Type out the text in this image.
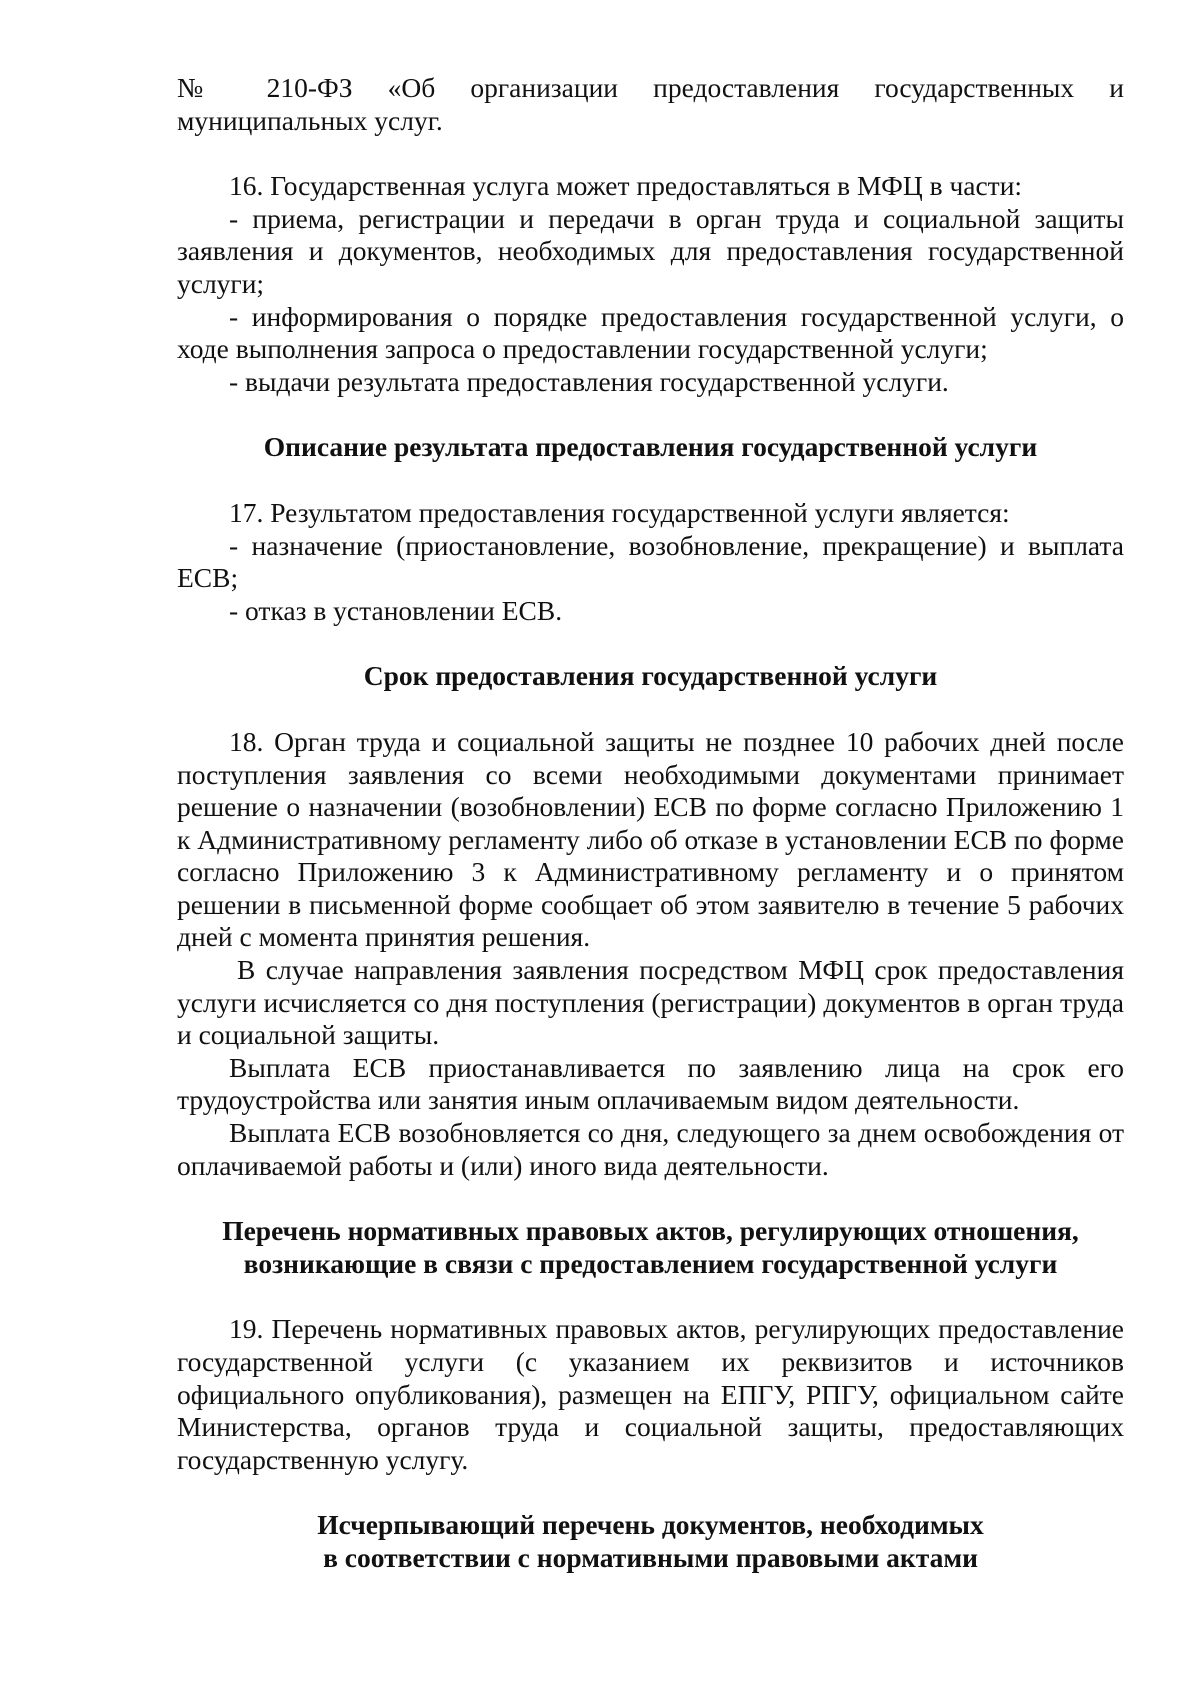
№ 210-ФЗ «Об организации предоставления государственных и

муниципальных услуг.

16. Государственная услуга может предоставляться в МФЦ в части:

- приема, регистрации и передачи в орган труда и социальной защиты заявления и документов, необходимых для предоставления государственной услуги;

- информирования о порядке предоставления государственной услуги, о ходе выполнения запроса о предоставлении государственной услуги;

- выдачи результата предоставления государственной услуги.

Описание результата предоставления государственной услуги

17. Результатом предоставления государственной услуги является:

- назначение (приостановление, возобновление, прекращение) и выплата ЕСВ;

- отказ в установлении ЕСВ.

Срок предоставления государственной услуги

18. Орган труда и социальной защиты не позднее 10 рабочих дней после поступления заявления со всеми необходимыми документами принимает решение о назначении (возобновлении) ЕСВ по форме согласно Приложению 1 к Административному регламенту либо об отказе в установлении ЕСВ по форме согласно Приложению 3 к Административному регламенту и о принятом решении в письменной форме сообщает об этом заявителю в течение 5 рабочих дней с момента принятия решения.

В случае направления заявления посредством МФЦ срок предоставления услуги исчисляется со дня поступления (регистрации) документов в орган труда и социальной защиты.

Выплата ЕСВ приостанавливается по заявлению лица на срок его трудоустройства или занятия иным оплачиваемым видом деятельности.

Выплата ЕСВ возобновляется со дня, следующего за днем освобождения от оплачиваемой работы и (или) иного вида деятельности.

Перечень нормативных правовых актов, регулирующих отношения,

возникающие в связи с предоставлением государственной услуги

19. Перечень нормативных правовых актов, регулирующих предоставление государственной услуги (с указанием их реквизитов и источников официального опубликования), размещен на ЕПГУ, РПГУ, официальном сайте Министерства, органов труда и социальной защиты, предоставляющих государственную услугу.

Исчерпывающий перечень документов, необходимых

в соответствии с нормативными правовыми актами
